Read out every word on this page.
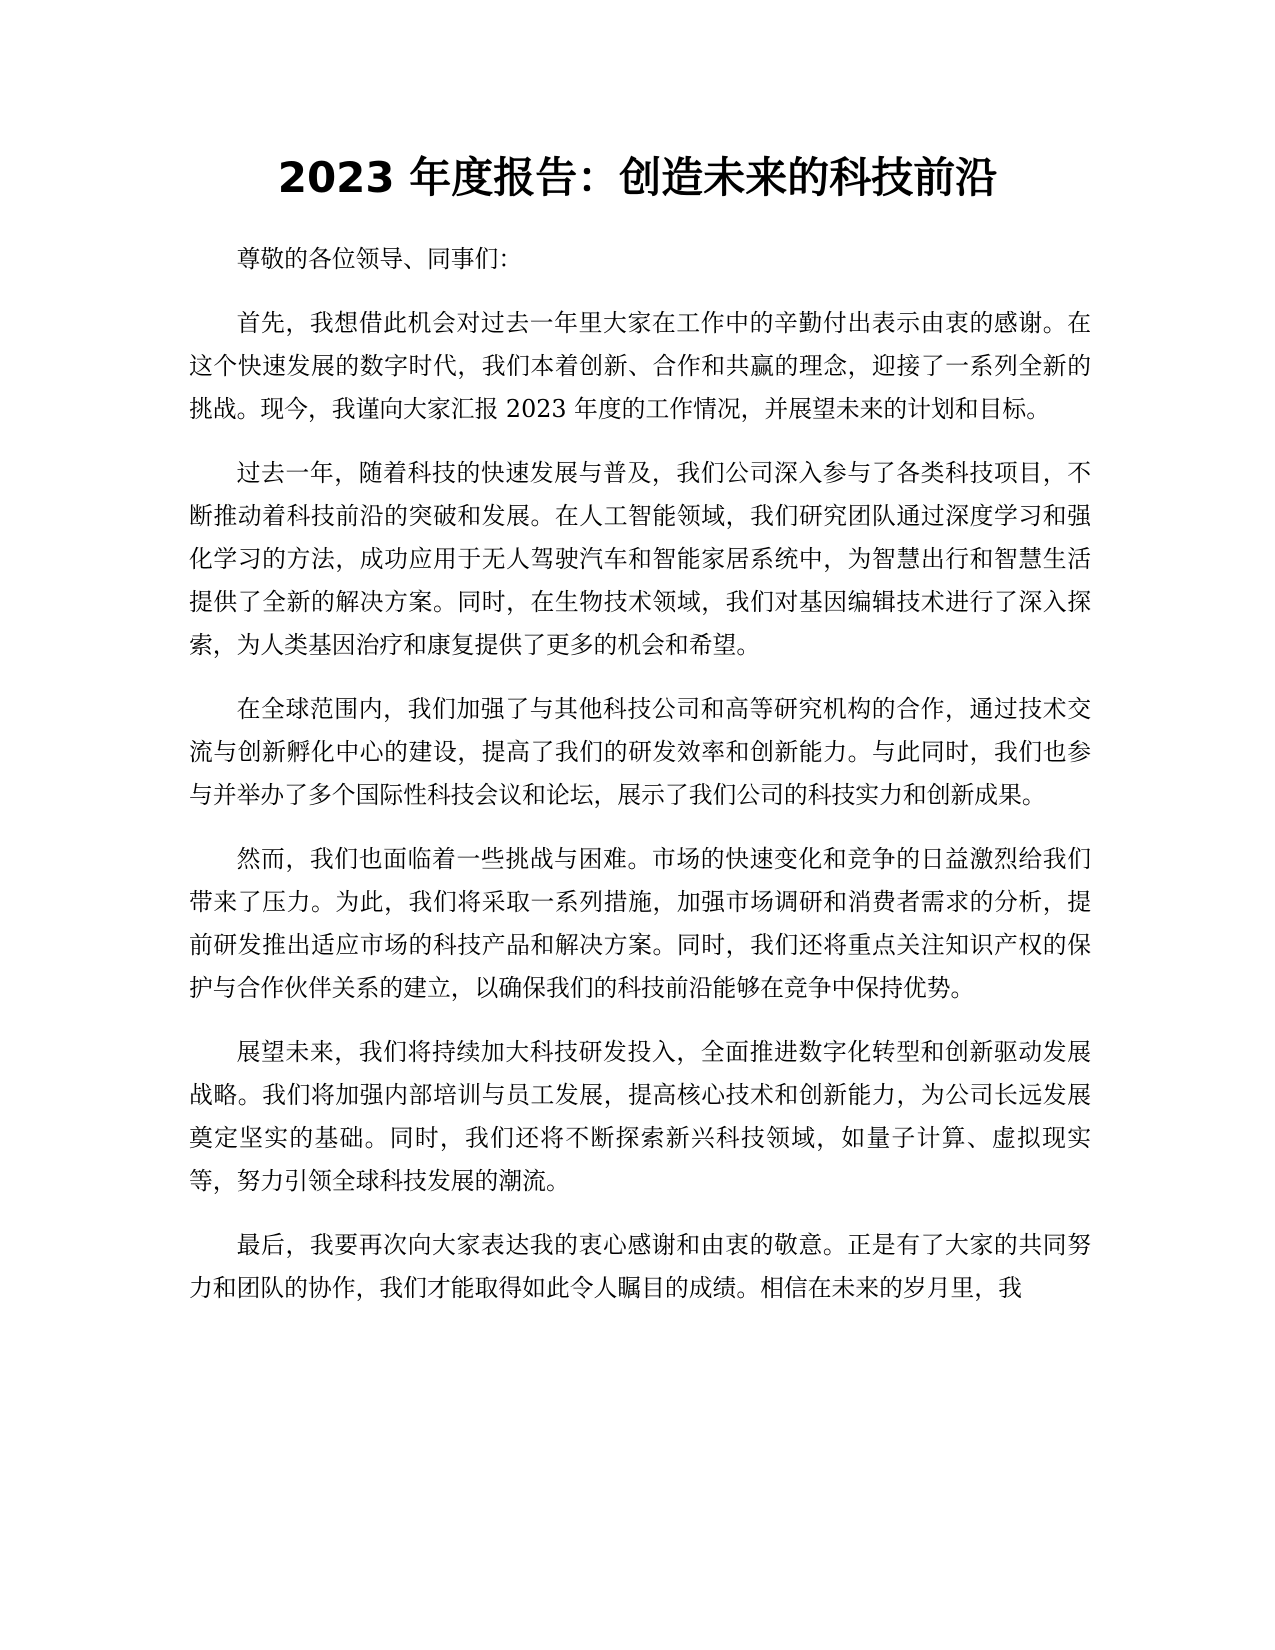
2023 年度报告：创造未来的科技前沿

尊敬的各位领导、同事们：

首先，我想借此机会对过去一年里大家在工作中的辛勤付出表示由衷的感谢。在这个快速发展的数字时代，我们本着创新、合作和共赢的理念，迎接了一系列全新的挑战。现今，我谨向大家汇报 2023 年度的工作情况，并展望未来的计划和目标。

过去一年，随着科技的快速发展与普及，我们公司深入参与了各类科技项目，不断推动着科技前沿的突破和发展。在人工智能领域，我们研究团队通过深度学习和强化学习的方法，成功应用于无人驾驶汽车和智能家居系统中，为智慧出行和智慧生活提供了全新的解决方案。同时，在生物技术领域，我们对基因编辑技术进行了深入探索，为人类基因治疗和康复提供了更多的机会和希望。

在全球范围内，我们加强了与其他科技公司和高等研究机构的合作，通过技术交流与创新孵化中心的建设，提高了我们的研发效率和创新能力。与此同时，我们也参与并举办了多个国际性科技会议和论坛，展示了我们公司的科技实力和创新成果。

然而，我们也面临着一些挑战与困难。市场的快速变化和竞争的日益激烈给我们带来了压力。为此，我们将采取一系列措施，加强市场调研和消费者需求的分析，提前研发推出适应市场的科技产品和解决方案。同时，我们还将重点关注知识产权的保护与合作伙伴关系的建立，以确保我们的科技前沿能够在竞争中保持优势。

展望未来，我们将持续加大科技研发投入，全面推进数字化转型和创新驱动发展战略。我们将加强内部培训与员工发展，提高核心技术和创新能力，为公司长远发展奠定坚实的基础。同时，我们还将不断探索新兴科技领域，如量子计算、虚拟现实等，努力引领全球科技发展的潮流。

最后，我要再次向大家表达我的衷心感谢和由衷的敬意。正是有了大家的共同努力和团队的协作，我们才能取得如此令人瞩目的成绩。相信在未来的岁月里，我
